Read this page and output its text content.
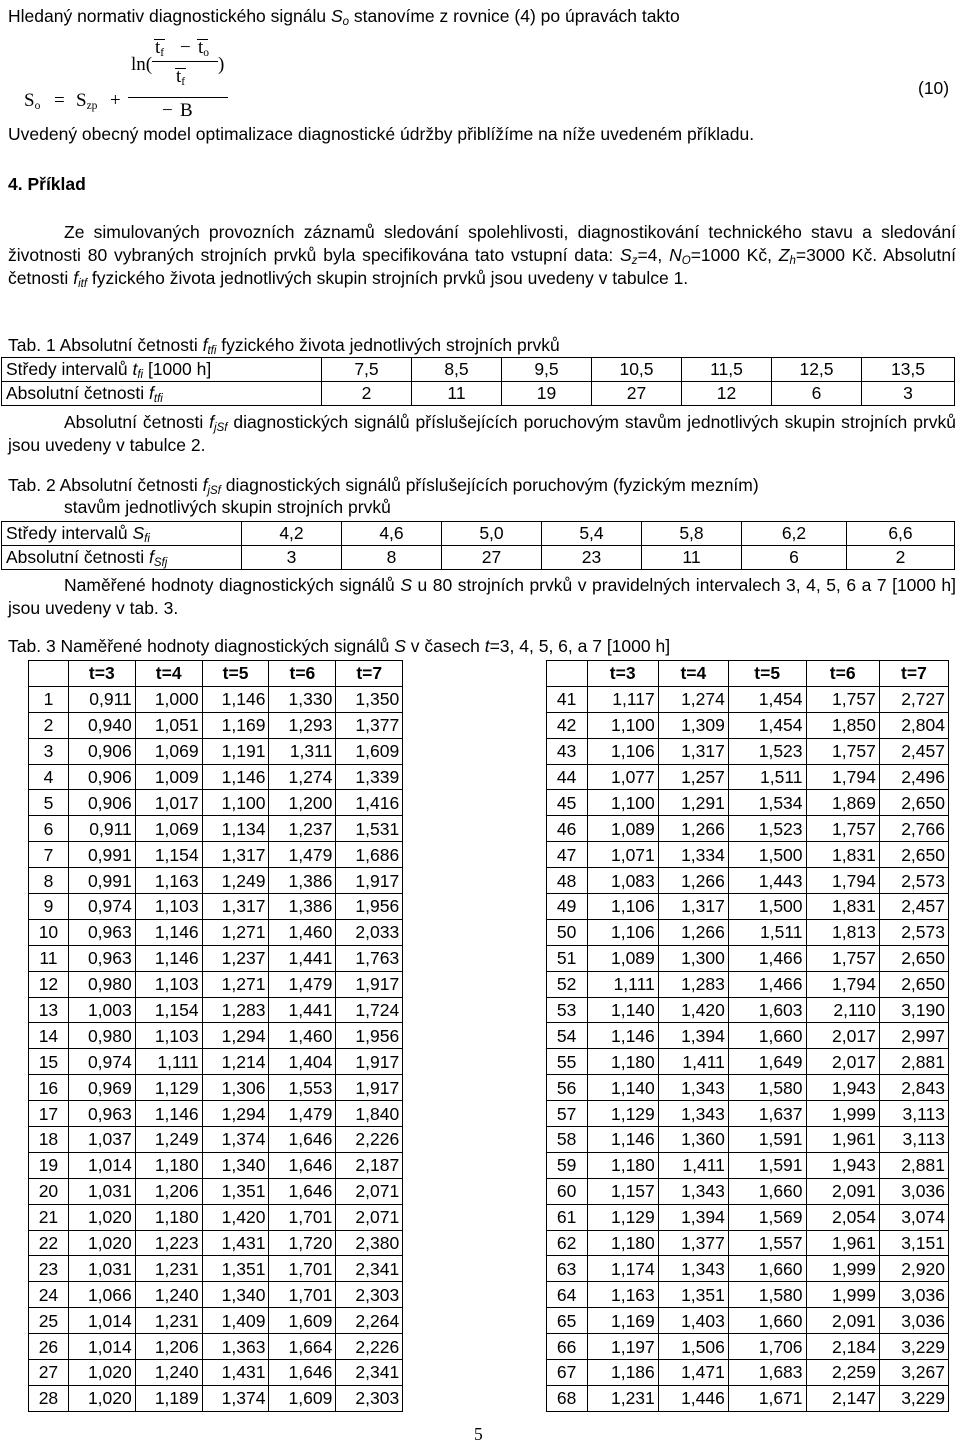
Hledaný normativ diagnostického signálu $S_o$ stanovíme z rovnice (4) po úpravách takto
$S_o = S_{zp}$ +
ln(
$t_f - t_o$
$t_f$
)
− B
(10)
Uvedený obecný model optimalizace diagnostické údržby přiblížíme na níže uvedeném příkladu.
4. Příklad
Ze simulovaných provozních záznamů sledování spolehlivosti, diagnostikování technického stavu a sledování životnosti 80 vybraných strojních prvků byla specifikována tato vstupní data: $S_z=4$, $N_O=1000$ Kč, $Z_h=3000$ Kč. Absolutní četnosti $f_{itf}$ fyzického života jednotlivých skupin strojních prvků jsou uvedeny v tabulce 1.
Tab. 1 Absolutní četnosti $f_{tfi}$ fyzického života jednotlivých strojních prvků
Středy intervalů $t_{fi}$ [1000 h]	7,5	8,5	9,5	10,5	11,5	12,5	13,5
Absolutní četnosti $f_{tfi}$	2	11	19	27	12	6	3
Absolutní četnosti $f_{jSf}$ diagnostických signálů příslušejících poruchovým stavům jednotlivých skupin strojních prvků jsou uvedeny v tabulce 2.
Tab. 2 Absolutní četnosti $f_{jSf}$ diagnostických signálů příslušejících poruchovým (fyzickým mezním)
stavům jednotlivých skupin strojních prvků
Středy intervalů $S_{fi}$	4,2	4,6	5,0	5,4	5,8	6,2	6,6
Absolutní četnosti $f_{Sfj}$	3	8	27	23	11	6	2
Naměřené hodnoty diagnostických signálů S u 80 strojních prvků v pravidelných intervalech 3, 4, 5, 6 a 7 [1000 h] jsou uvedeny v tab. 3.
Tab. 3 Naměřené hodnoty diagnostických signálů S v časech t=3, 4, 5, 6, a 7 [1000 h]
	t=3	t=4	t=5	t=6	t=7			t=3	t=4	t=5	t=6	t=7
1	0,911	1,000	1,146	1,330	1,350		41	1,117	1,274	1,454	1,757	2,727
2	0,940	1,051	1,169	1,293	1,377		42	1,100	1,309	1,454	1,850	2,804
3	0,906	1,069	1,191	1,311	1,609		43	1,106	1,317	1,523	1,757	2,457
4	0,906	1,009	1,146	1,274	1,339		44	1,077	1,257	1,511	1,794	2,496
5	0,906	1,017	1,100	1,200	1,416		45	1,100	1,291	1,534	1,869	2,650
6	0,911	1,069	1,134	1,237	1,531		46	1,089	1,266	1,523	1,757	2,766
7	0,991	1,154	1,317	1,479	1,686		47	1,071	1,334	1,500	1,831	2,650
8	0,991	1,163	1,249	1,386	1,917		48	1,083	1,266	1,443	1,794	2,573
9	0,974	1,103	1,317	1,386	1,956		49	1,106	1,317	1,500	1,831	2,457
10	0,963	1,146	1,271	1,460	2,033		50	1,106	1,266	1,511	1,813	2,573
11	0,963	1,146	1,237	1,441	1,763		51	1,089	1,300	1,466	1,757	2,650
12	0,980	1,103	1,271	1,479	1,917		52	1,111	1,283	1,466	1,794	2,650
13	1,003	1,154	1,283	1,441	1,724		53	1,140	1,420	1,603	2,110	3,190
14	0,980	1,103	1,294	1,460	1,956		54	1,146	1,394	1,660	2,017	2,997
15	0,974	1,111	1,214	1,404	1,917		55	1,180	1,411	1,649	2,017	2,881
16	0,969	1,129	1,306	1,553	1,917		56	1,140	1,343	1,580	1,943	2,843
17	0,963	1,146	1,294	1,479	1,840		57	1,129	1,343	1,637	1,999	3,113
18	1,037	1,249	1,374	1,646	2,226		58	1,146	1,360	1,591	1,961	3,113
19	1,014	1,180	1,340	1,646	2,187		59	1,180	1,411	1,591	1,943	2,881
20	1,031	1,206	1,351	1,646	2,071		60	1,157	1,343	1,660	2,091	3,036
21	1,020	1,180	1,420	1,701	2,071		61	1,129	1,394	1,569	2,054	3,074
22	1,020	1,223	1,431	1,720	2,380		62	1,180	1,377	1,557	1,961	3,151
23	1,031	1,231	1,351	1,701	2,341		63	1,174	1,343	1,660	1,999	2,920
24	1,066	1,240	1,340	1,701	2,303		64	1,163	1,351	1,580	1,999	3,036
25	1,014	1,231	1,409	1,609	2,264		65	1,169	1,403	1,660	2,091	3,036
26	1,014	1,206	1,363	1,664	2,226		66	1,197	1,506	1,706	2,184	3,229
27	1,020	1,240	1,431	1,646	2,341		67	1,186	1,471	1,683	2,259	3,267
28	1,020	1,189	1,374	1,609	2,303		68	1,231	1,446	1,671	2,147	3,229
5
